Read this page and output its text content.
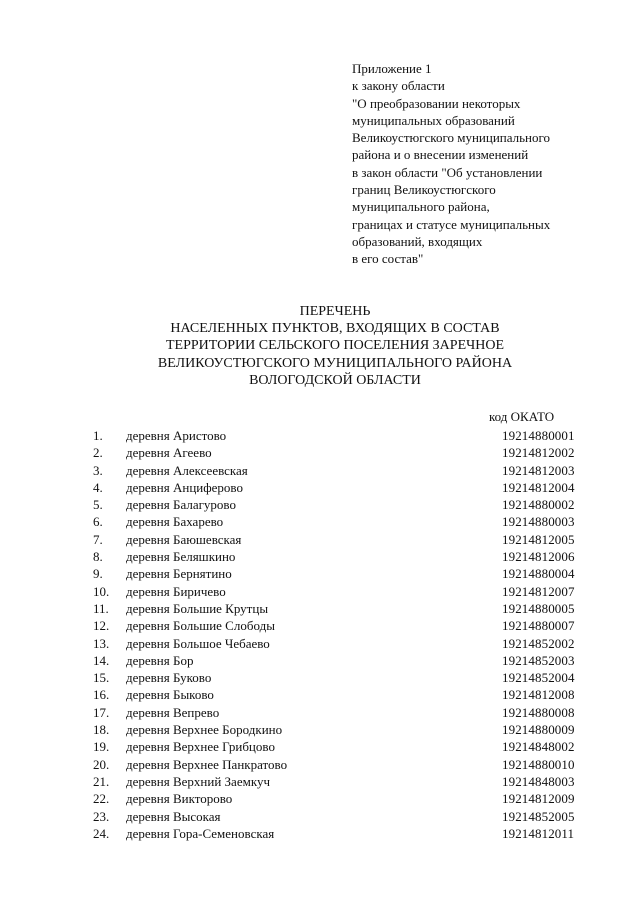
Приложение 1
к закону области
"О преобразовании некоторых
муниципальных образований
Великоустюгского муниципального
района и о внесении изменений
в закон области "Об установлении
границ Великоустюгского
муниципального района,
границах и статусе муниципальных
образований, входящих
в его состав"
ПЕРЕЧЕНЬ
НАСЕЛЕННЫХ ПУНКТОВ, ВХОДЯЩИХ В СОСТАВ
ТЕРРИТОРИИ СЕЛЬСКОГО ПОСЕЛЕНИЯ ЗАРЕЧНОЕ
ВЕЛИКОУСТЮГСКОГО МУНИЦИПАЛЬНОГО РАЙОНА
ВОЛОГОДСКОЙ ОБЛАСТИ
код ОКАТО
1. деревня Аристово	19214880001
2. деревня Агеево	19214812002
3. деревня Алексеевская	19214812003
4. деревня Анциферово	19214812004
5. деревня Балагурово	19214880002
6. деревня Бахарево	19214880003
7. деревня Баюшевская	19214812005
8. деревня Беляшкино	19214812006
9. деревня Бернятино	19214880004
10. деревня Биричево	19214812007
11. деревня Большие Крутцы	19214880005
12. деревня Большие Слободы	19214880007
13. деревня Большое Чебаево	19214852002
14. деревня Бор	19214852003
15. деревня Буково	19214852004
16. деревня Быково	19214812008
17. деревня Вепрево	19214880008
18. деревня Верхнее Бородкино	19214880009
19. деревня Верхнее Грибцово	19214848002
20. деревня Верхнее Панкратово	19214880010
21. деревня Верхний Заемкуч	19214848003
22. деревня Викторово	19214812009
23. деревня Высокая	19214852005
24. деревня Гора-Семеновская	19214812011
